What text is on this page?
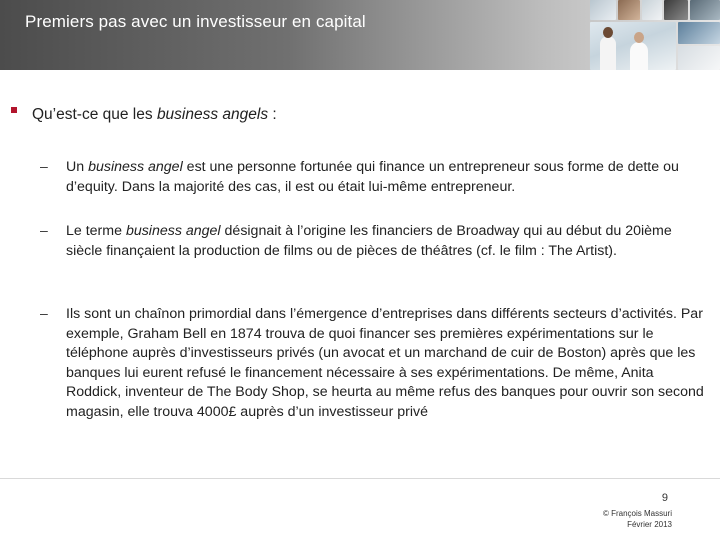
Premiers pas avec un investisseur en capital
Qu’est-ce que les business angels :
– Un business angel est une personne fortunée qui finance un entrepreneur sous forme de dette ou d’equity. Dans la majorité des cas, il est ou était lui-même entrepreneur.
– Le terme business angel désignait à l’origine les financiers de Broadway qui au début du 20ième siècle finançaient la production de films ou de pièces de théâtres (cf. le film : The Artist).
– Ils sont un chaînon primordial dans l’émergence d’entreprises dans différents secteurs d’activités. Par exemple, Graham Bell en 1874 trouva de quoi financer ses premières expérimentations sur le téléphone auprès d’investisseurs privés (un avocat et un marchand de cuir de Boston) après que les banques lui eurent refusé le financement nécessaire à ses expérimentations. De même, Anita Roddick, inventeur de The Body Shop, se heurta au même refus des banques pour ouvrir son second magasin, elle trouva 4000£ auprès d’un investisseur privé
9
© François Massuri
Février 2013
